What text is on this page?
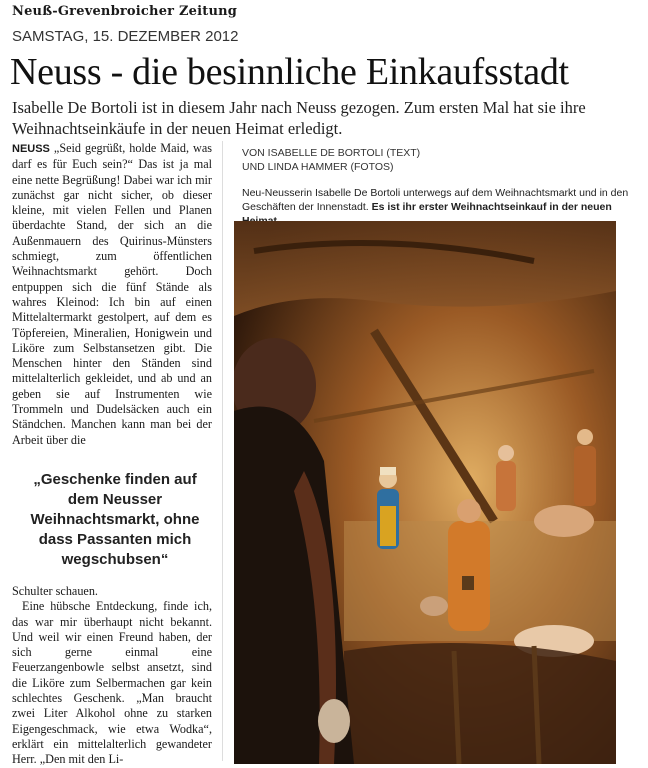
Neuß-Grevenbroicher Zeitung
SAMSTAG, 15. DEZEMBER 2012
Neuss - die besinnliche Einkaufsstadt
Isabelle De Bortoli ist in diesem Jahr nach Neuss gezogen. Zum ersten Mal hat sie ihre Weihnachtseinkäufe in der neuen Heimat erledigt.
NEUSS „Seid gegrüßt, holde Maid, was darf es für Euch sein?“ Das ist ja mal eine nette Begrüßung! Dabei war ich mir zunächst gar nicht sicher, ob dieser kleine, mit vielen Fellen und Planen überdachte Stand, der sich an die Außenmauern des Quirinus-Münsters schmiegt, zum öffentlichen Weihnachtsmarkt gehört. Doch entpuppen sich die fünf Stände als wahres Kleinod: Ich bin auf einen Mittelaltermarkt gestolpert, auf dem es Töpfereien, Mineralien, Honigwein und Liköre zum Selbstansetzen gibt. Die Menschen hinter den Ständen sind mittelalterlich gekleidet, und ab und an geben sie auf Instrumenten wie Trommeln und Dudelsäcken auch ein Ständchen. Manchen kann man bei der Arbeit über die
„Geschenke finden auf dem Neusser Weihnachtsmarkt, ohne dass Passanten mich wegschubsen“
Schulter schauen.
Eine hübsche Entdeckung, finde ich, das war mir überhaupt nicht bekannt. Und weil wir einen Freund haben, der sich gerne einmal eine Feuerzangenbowle selbst ansetzt, sind die Liköre zum Selbermachen gar kein schlechtes Geschenk. „Man braucht zwei Liter Alkohol ohne zu starken Eigengeschmack, wie etwa Wodka“, erklärt ein mittelalterlich gewandeter Herr. „Den mit den Li-
VON ISABELLE DE BORTOLI (TEXT)
UND LINDA HAMMER (FOTOS)
Neu-Neusserin Isabelle De Bortoli unterwegs auf dem Weihnachtsmarkt und in den Geschäften der Innenstadt. Es ist ihr erster Weihnachtseinkauf in der neuen
